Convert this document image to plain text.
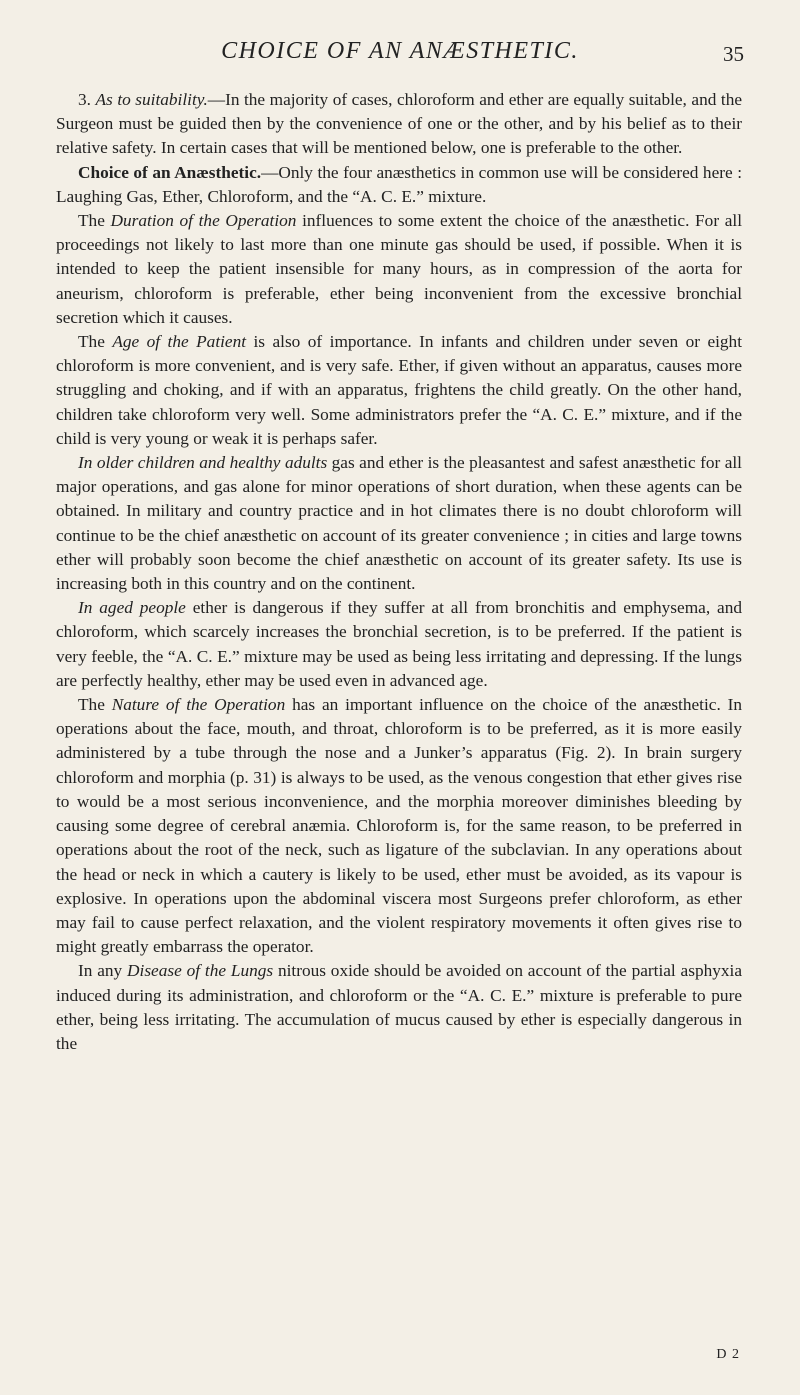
CHOICE OF AN ANÆSTHETIC.	35

3. As to suitability.—In the majority of cases, chloroform and ether are equally suitable, and the Surgeon must be guided then by the convenience of one or the other, and by his belief as to their relative safety. In certain cases that will be mentioned below, one is preferable to the other.

Choice of an Anæsthetic.—Only the four anæsthetics in common use will be considered here : Laughing Gas, Ether, Chloroform, and the “A. C. E.” mixture.

The Duration of the Operation influences to some extent the choice of the anæsthetic. For all proceedings not likely to last more than one minute gas should be used, if possible. When it is intended to keep the patient insensible for many hours, as in compression of the aorta for aneurism, chloroform is preferable, ether being inconvenient from the excessive bronchial secretion which it causes.

The Age of the Patient is also of importance. In infants and children under seven or eight chloroform is more convenient, and is very safe. Ether, if given without an apparatus, causes more struggling and choking, and if with an apparatus, frightens the child greatly. On the other hand, children take chloroform very well. Some administrators prefer the “A. C. E.” mixture, and if the child is very young or weak it is perhaps safer.

In older children and healthy adults gas and ether is the pleasantest and safest anæsthetic for all major operations, and gas alone for minor operations of short duration, when these agents can be obtained. In military and country practice and in hot climates there is no doubt chloroform will continue to be the chief anæsthetic on account of its greater convenience ; in cities and large towns ether will probably soon become the chief anæsthetic on account of its greater safety. Its use is increasing both in this country and on the continent.

In aged people ether is dangerous if they suffer at all from bronchitis and emphysema, and chloroform, which scarcely increases the bronchial secretion, is to be preferred. If the patient is very feeble, the “A. C. E.” mixture may be used as being less irritating and depressing. If the lungs are perfectly healthy, ether may be used even in advanced age.

The Nature of the Operation has an important influence on the choice of the anæsthetic. In operations about the face, mouth, and throat, chloroform is to be preferred, as it is more easily administered by a tube through the nose and a Junker’s apparatus (Fig. 2). In brain surgery chloroform and morphia (p. 31) is always to be used, as the venous congestion that ether gives rise to would be a most serious inconvenience, and the morphia moreover diminishes bleeding by causing some degree of cerebral anæmia. Chloroform is, for the same reason, to be preferred in operations about the root of the neck, such as ligature of the subclavian. In any operations about the head or neck in which a cautery is likely to be used, ether must be avoided, as its vapour is explosive. In operations upon the abdominal viscera most Surgeons prefer chloroform, as ether may fail to cause perfect relaxation, and the violent respiratory movements it often gives rise to might greatly embarrass the operator.

In any Disease of the Lungs nitrous oxide should be avoided on account of the partial asphyxia induced during its administration, and chloroform or the “A. C. E.” mixture is preferable to pure ether, being less irritating. The accumulation of mucus caused by ether is especially dangerous in the

D 2
